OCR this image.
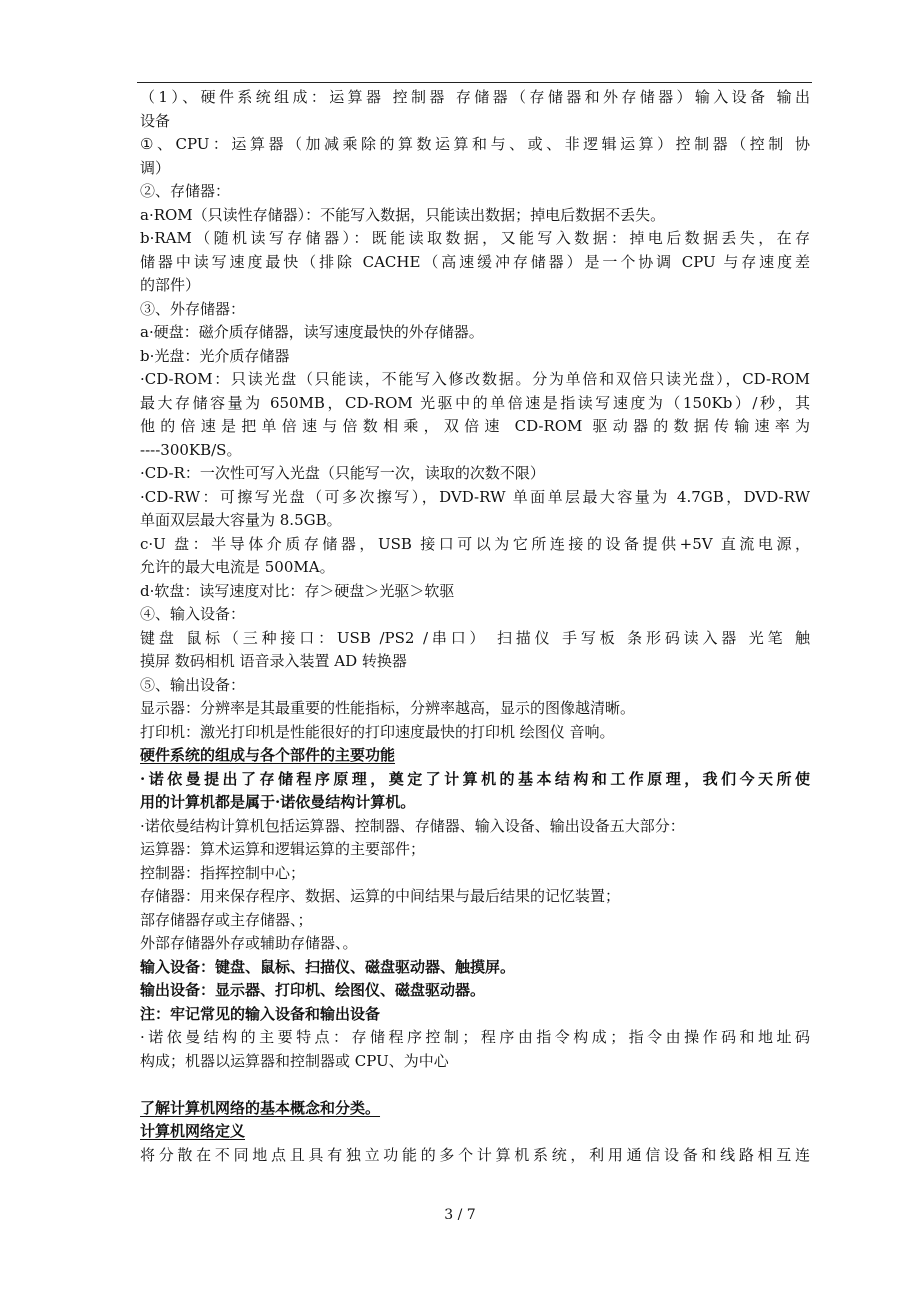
（1）、硬件系统组成：运算器 控制器 存储器（存储器和外存储器）输入设备 输出
设备
①、CPU：运算器（加减乘除的算数运算和与、或、非逻辑运算）控制器（控制 协
调）
②、存储器：
a·ROM（只读性存储器）：不能写入数据，只能读出数据；掉电后数据不丢失。
b·RAM（随机读写存储器）：既能读取数据，又能写入数据：掉电后数据丢失，在存
储器中读写速度最快（排除 CACHE（高速缓冲存储器）是一个协调 CPU 与存速度差
的部件）
③、外存储器：
a·硬盘：磁介质存储器，读写速度最快的外存储器。
b·光盘：光介质存储器
·CD-ROM：只读光盘（只能读，不能写入修改数据。分为单倍和双倍只读光盘），CD-ROM
最大存储容量为 650MB，CD-ROM 光驱中的单倍速是指读写速度为（150Kb）/秒，其
他的倍速是把单倍速与倍数相乘，双倍速 CD-ROM 驱动器的数据传输速率为
----300KB/S。
·CD-R：一次性可写入光盘（只能写一次，读取的次数不限）
·CD-RW：可擦写光盘（可多次擦写），DVD-RW 单面单层最大容量为 4.7GB，DVD-RW
单面双层最大容量为 8.5GB。
c·U 盘：半导体介质存储器，USB 接口可以为它所连接的设备提供+5V 直流电源，
允许的最大电流是 500MA。
d·软盘：读写速度对比：存＞硬盘＞光驱＞软驱
④、输入设备：
键盘 鼠标（三种接口：USB /PS2 /串口） 扫描仪 手写板 条形码读入器 光笔 触
摸屏 数码相机 语音录入装置 AD 转换器
⑤、输出设备：
显示器：分辨率是其最重要的性能指标，分辨率越高，显示的图像越清晰。
打印机：激光打印机是性能很好的打印速度最快的打印机 绘图仪 音响。
硬件系统的组成与各个部件的主要功能
·诺依曼提出了存储程序原理，奠定了计算机的基本结构和工作原理，我们今天所使
用的计算机都是属于·诺依曼结构计算机。
·诺依曼结构计算机包括运算器、控制器、存储器、输入设备、输出设备五大部分：
运算器：算术运算和逻辑运算的主要部件；
控制器：指挥控制中心；
存储器：用来保存程序、数据、运算的中间结果与最后结果的记忆装置；
部存储器存或主存储器、；
外部存储器外存或辅助存储器、。
输入设备：键盘、鼠标、扫描仪、磁盘驱动器、触摸屏。
输出设备：显示器、打印机、绘图仪、磁盘驱动器。
注：牢记常见的输入设备和输出设备
·诺依曼结构的主要特点：存储程序控制；程序由指令构成；指令由操作码和地址码
构成；机器以运算器和控制器或 CPU、为中心
了解计算机网络的基本概念和分类。
计算机网络定义
将分散在不同地点且具有独立功能的多个计算机系统，利用通信设备和线路相互连
3 / 7
